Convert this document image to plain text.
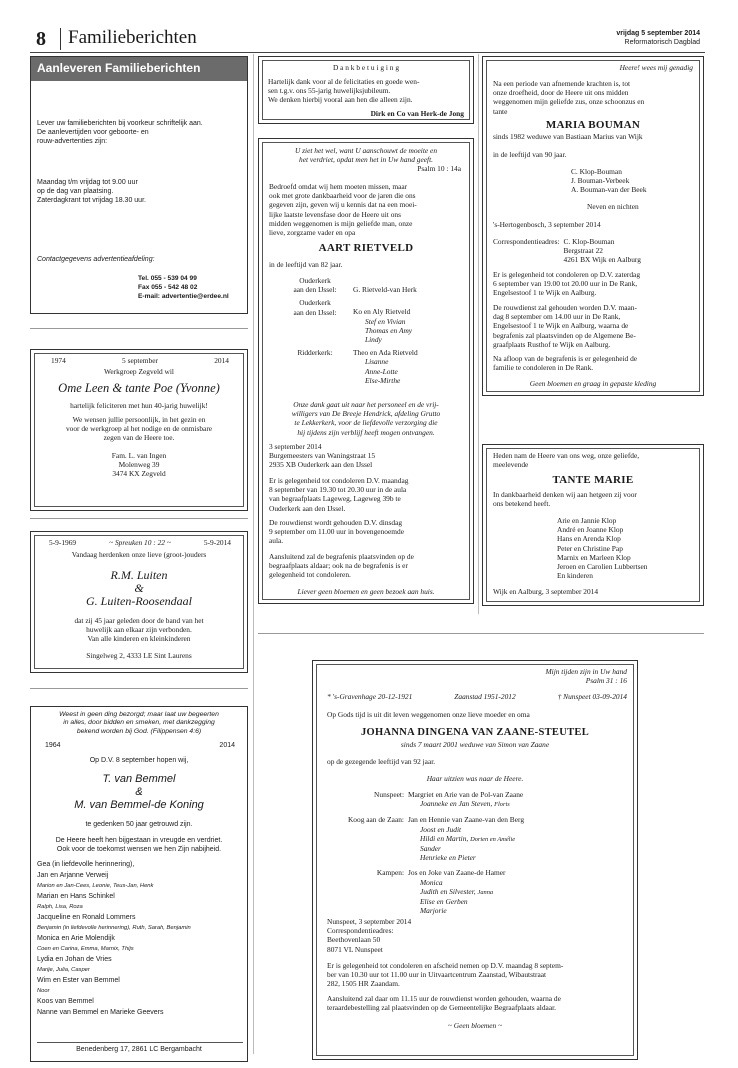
8 Familieberichten	vrijdag 5 september 2014
Reformatorisch Dagblad
Aanleveren Familieberichten
Lever uw familieberichten bij voorkeur schriftelijk aan.
De aanlevertijden voor geboorte- en
rouw-advertenties zijn:
Maandag t/m vrijdag tot 9.00 uur
op de dag van plaatsing.
Zaterdagkrant tot vrijdag 18.30 uur.
Contactgegevens advertentieafdeling:
Tel. 055 - 539 04 99
Fax 055 - 542 48 02
E-mail: advertentie@erdee.nl
1974	5 september	2014
Werkgroep Zegveld wil
Ome Leen & tante Poe (Yvonne)
hartelijk feliciteren met hun 40-jarig huwelijk!
We wensen jullie persoonlijk, in het gezin en
voor de werkgroep al het nodige en de onmisbare
zegen van de Heere toe.
Fam. L. van Ingen
Molenweg 39
3474 KX Zegveld
5-9-1969	~ Spreuken 10 : 22 ~	5-9-2014
Vandaag herdenken onze lieve (groot-)ouders
R.M. Luiten
&
G. Luiten-Roosendaal
dat zij 45 jaar geleden door de band van het
huwelijk aan elkaar zijn verbonden.
Van alle kinderen en kleinkinderen
Singelweg 2, 4333 LE Sint Laurens
Weest in geen ding bezorgd; maar laat uw begeerten
in alles, door bidden en smeken, met dankzegging
bekend worden bij God. (Filippensen 4:6)
1964	2014
Op D.V. 8 september hopen wij,
T. van Bemmel
&
M. van Bemmel-de Koning
te gedenken 50 jaar getrouwd zijn.
De Heere heeft hen bijgestaan in vreugde en verdriet.
Ook voor de toekomst wensen we hen Zijn nabijheid.
Gea (in liefdevolle herinnering),
Jan en Arjanne Verweij
Marion en Jan-Cees, Leonie, Teus-Jan, Henk
Marian en Hans Schinkel
Ralph, Lisa, Roza
Jacqueline en Ronald Lommers
Benjamin (in liefdevolle herinnering), Ruth, Sarah, Benjamin
Monica en Arie Molendijk
Coen en Carina, Emma, Marnix, Thijs
Lydia en Johan de Vries
Marije, Julia, Casper
Wim en Ester van Bemmel
Noor
Koos van Bemmel
Nanne van Bemmel en Marieke Geevers
Benedenberg 17, 2861 LC Bergambacht
D a n k b e t u i g i n g
Hartelijk dank voor al de felicitaties en goede wen-
sen t.g.v. ons 55-jarig huwelijksjubileum.
We denken hierbij vooral aan hen die alleen zijn.
Dirk en Co van Herk-de Jong
U ziet het wel, want U aanschouwt de moeite en
het verdriet, opdat men het in Uw hand geeft.
Psalm 10 : 14a
Bedroefd omdat wij hem moeten missen, maar
ook met grote dankbaarheid voor de jaren die ons
gegeven zijn, geven wij u kennis dat na een moei-
lijke laatste levensfase door de Heere uit ons
midden weggenomen is mijn geliefde man, onze
lieve, zorgzame vader en opa
AART RIETVELD
in de leeftijd van 82 jaar.
Ouderkerk
aan den IJssel:	G. Rietveld-van Herk
Ouderkerk
aan den IJssel:	Ko en Aly Rietveld
Stef en Vivian
Thomas en Amy
Lindy
Ridderkerk:	Theo en Ada Rietveld
Lisanne
Anne-Lotte
Else-Mirthe
Onze dank gaat uit naar het personeel en de vrij-
willigers van De Breeje Hendrick, afdeling Grutto
te Lekkerkerk, voor de liefdevolle verzorging die
hij tijdens zijn verblijf heeft mogen ontvangen.
3 september 2014
Burgemeesters van Waningstraat 15
2935 XB Ouderkerk aan den IJssel
Er is gelegenheid tot condoleren D.V. maandag
8 september van 19.30 tot 20.30 uur in de aula
van begraafplaats Lageweg, Lageweg 39b te
Ouderkerk aan den IJssel.
De rouwdienst wordt gehouden D.V. dinsdag
9 september om 11.00 uur in bovengenoemde
aula.
Aansluitend zal de begrafenis plaatsvinden op de
begraafplaats aldaar; ook na de begrafenis is er
gelegenheid tot condoleren.
Liever geen bloemen en geen bezoek aan huis.
Heere! wees mij genadig
Na een periode van afnemende krachten is, tot
onze droefheid, door de Heere uit ons midden
weggenomen mijn geliefde zus, onze schoonzus en
tante
MARIA BOUMAN
sinds 1982 weduwe van Bastiaan Marius van Wijk
in de leeftijd van 90 jaar.
C. Klop-Bouman
J. Bouman-Verbeek
A. Bouman-van der Beek
Neven en nichten
's-Hertogenbosch, 3 september 2014
Correspondentieadres: C. Klop-Bouman
Bergstraat 22
4261 BX Wijk en Aalburg
Er is gelegenheid tot condoleren op D.V. zaterdag
6 september van 19.00 tot 20.00 uur in De Rank,
Engelsestoof 1 te Wijk en Aalburg.
De rouwdienst zal gehouden worden D.V. maan-
dag 8 september om 14.00 uur in De Rank,
Engelsestoof 1 te Wijk en Aalburg, waarna de
begrafenis zal plaatsvinden op de Algemene Be-
graafplaats Rusthof te Wijk en Aalburg.
Na afloop van de begrafenis is er gelegenheid de
familie te condoleren in De Rank.
Geen bloemen en graag in gepaste kleding
Heden nam de Heere van ons weg, onze geliefde,
meelevende
TANTE MARIE
In dankbaarheid denken wij aan hetgeen zij voor
ons betekend heeft.
Arie en Jannie Klop
André en Joanne Klop
Hans en Arenda Klop
Peter en Christine Pap
Marnix en Marleen Klop
Jeroen en Carolien Lubbertsen
En kinderen
Wijk en Aalburg, 3 september 2014
Mijn tijden zijn in Uw hand
Psalm 31 : 16
* 's-Gravenhage 20-12-1921	Zaanstad 1951-2012	† Nunspeet 03-09-2014
Op Gods tijd is uit dit leven weggenomen onze lieve moeder en oma
JOHANNA DINGENA VAN ZAANE-STEUTEL
sinds 7 maart 2001 weduwe van Simon van Zaane
op de gezegende leeftijd van 92 jaar.
Haar uitzien was naar de Heere.
Nunspeet: Margriet en Arie van de Pol-van Zaane
Joanneke en Jan Steven, Floris
Koog aan de Zaan: Jan en Hennie van Zaane-van den Berg
Joost en Judit
Hildi en Martin, Dorien en Amélie
Sander
Henrieke en Pieter
Kampen: Jos en Joke van Zaane-de Hamer
Monica
Judith en Silvester, Janna
Elise en Gerben
Marjorie
Nunspeet, 3 september 2014
Correspondentieadres:
Beethovenlaan 50
8071 VL Nunspeet
Er is gelegenheid tot condoleren en afscheid nemen op D.V. maandag 8 septem-
ber van 10.30 uur tot 11.00 uur in Uitvaartcentrum Zaanstad, Wibautstraat
282, 1505 HR Zaandam.
Aansluitend zal daar om 11.15 uur de rouwdienst worden gehouden, waarna de
teraardebestelling zal plaatsvinden op de Gemeentelijke Begraafplaats aldaar.
~ Geen bloemen ~
